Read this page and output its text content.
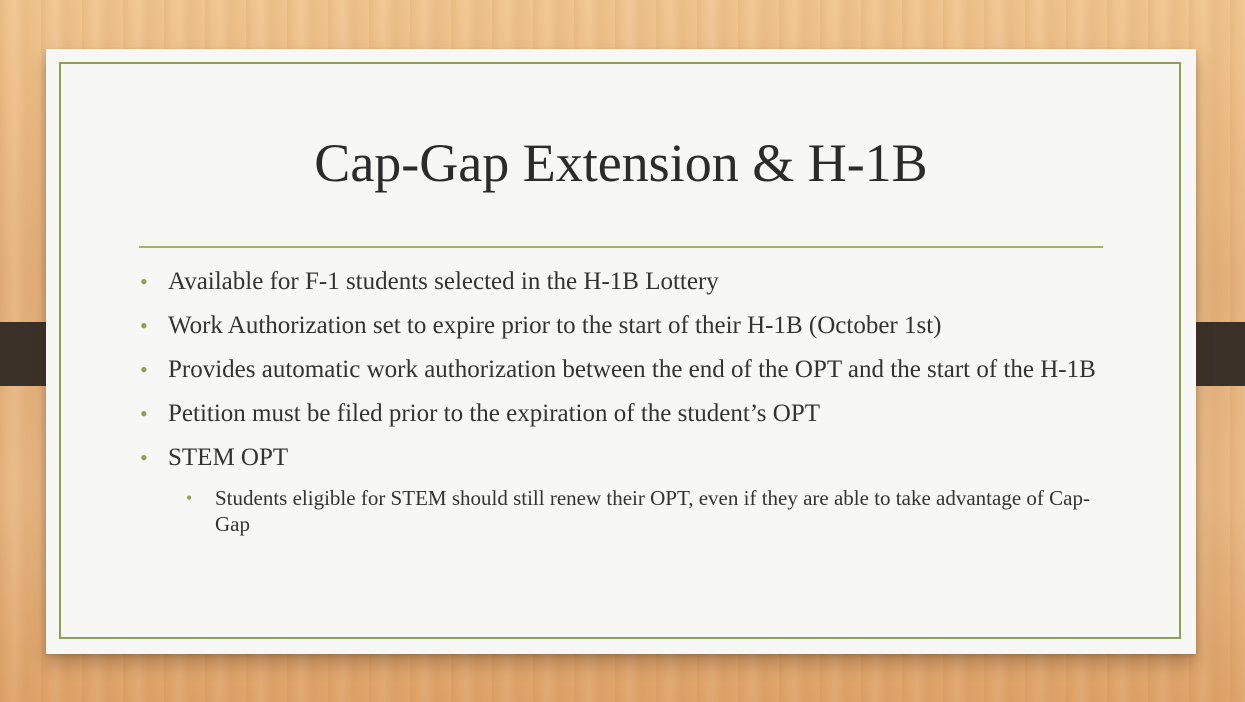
Cap-Gap Extension & H-1B
• Available for F-1 students selected in the H-1B Lottery
• Work Authorization set to expire prior to the start of their H-1B (October 1st)
• Provides automatic work authorization between the end of the OPT and the start of the H-1B
• Petition must be filed prior to the expiration of the student’s OPT
• STEM OPT
• Students eligible for STEM should still renew their OPT, even if they are able to take advantage of Cap-Gap
